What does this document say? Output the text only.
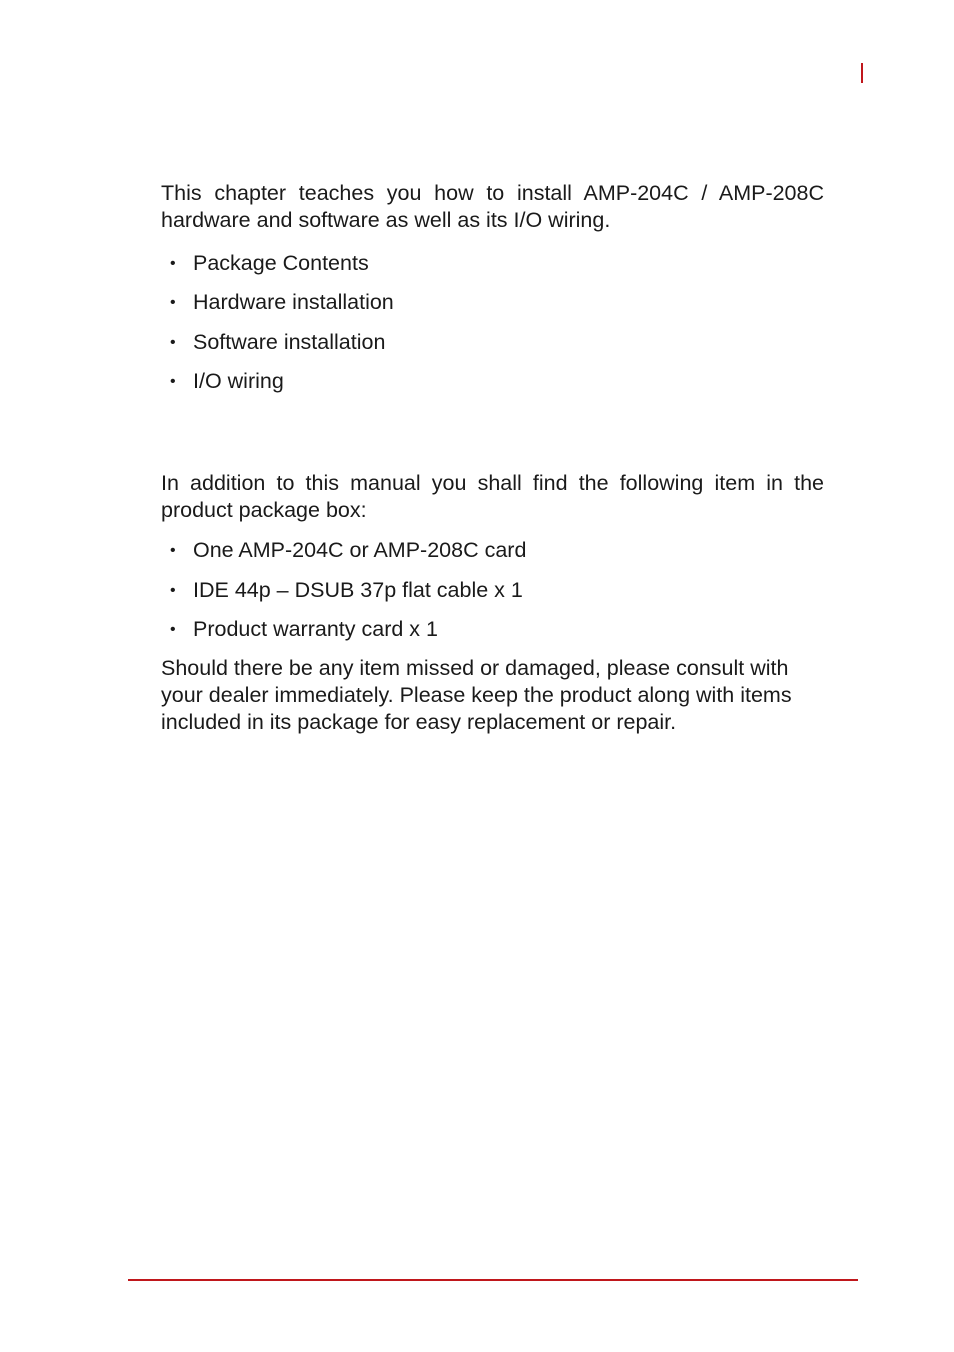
This chapter teaches you how to install AMP-204C / AMP-208C hardware and software as well as its I/O wiring.

• Package Contents
• Hardware installation
• Software installation
• I/O wiring

In addition to this manual you shall find the following item in the product package box:

• One AMP-204C or AMP-208C card
• IDE 44p – DSUB 37p flat cable x 1
• Product warranty card x 1

Should there be any item missed or damaged, please consult with your dealer immediately. Please keep the product along with items included in its package for easy replacement or repair.
